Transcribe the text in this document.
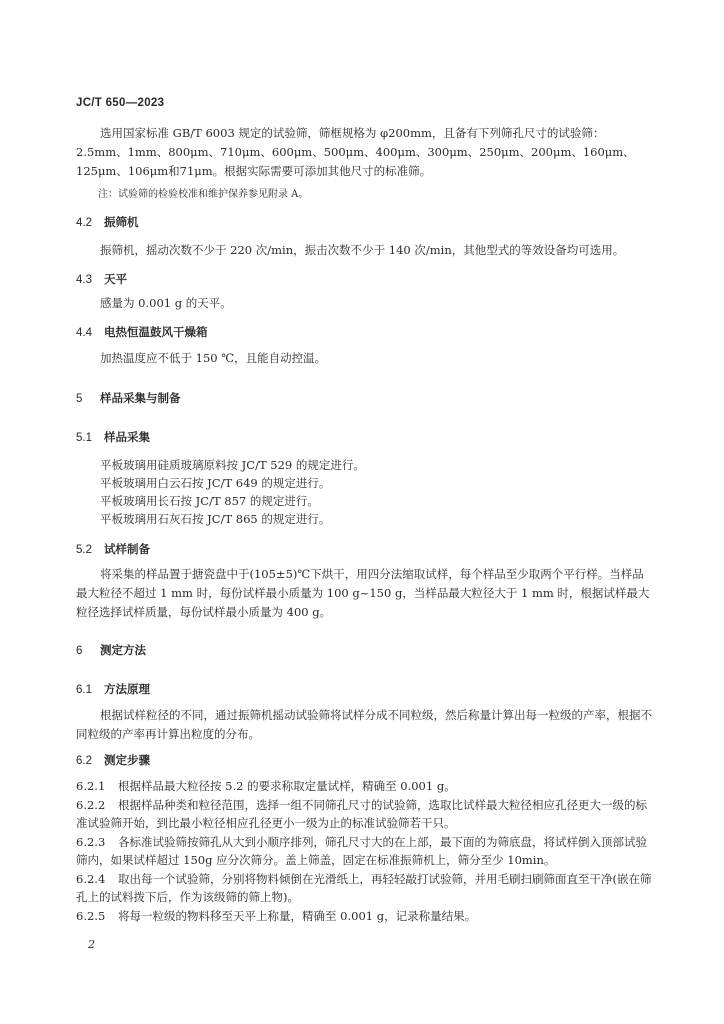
JC/T 650—2023
选用国家标准 GB/T 6003 规定的试验筛，筛框规格为 φ200mm，且备有下列筛孔尺寸的试验筛：2.5mm、1mm、800μm、710μm、600μm、500μm、400μm、300μm、250μm、200μm、160μm、125μm、106μm和71μm。根据实际需要可添加其他尺寸的标准筛。
注：试验筛的检验校准和维护保养参见附录 A。
4.2 振筛机
振筛机，摇动次数不少于 220 次/min，振击次数不少于 140 次/min，其他型式的等效设备均可选用。
4.3 天平
感量为 0.001 g 的天平。
4.4 电热恒温鼓风干燥箱
加热温度应不低于 150 ℃，且能自动控温。
5 样品采集与制备
5.1 样品采集
平板玻璃用硅质玻璃原料按 JC/T 529 的规定进行。
平板玻璃用白云石按 JC/T 649 的规定进行。
平板玻璃用长石按 JC/T 857 的规定进行。
平板玻璃用石灰石按 JC/T 865 的规定进行。
5.2 试样制备
将采集的样品置于搪瓷盘中于(105±5)℃下烘干，用四分法缩取试样，每个样品至少取两个平行样。当样品最大粒径不超过 1 mm 时，每份试样最小质量为 100 g~150 g，当样品最大粒径大于 1 mm 时，根据试样最大粒径选择试样质量，每份试样最小质量为 400 g。
6 测定方法
6.1 方法原理
根据试样粒径的不同，通过振筛机摇动试验筛将试样分成不同粒级，然后称量计算出每一粒级的产率，根据不同粒级的产率再计算出粒度的分布。
6.2 测定步骤
6.2.1 根据样品最大粒径按 5.2 的要求称取定量试样，精确至 0.001 g。
6.2.2 根据样品种类和粒径范围，选择一组不同筛孔尺寸的试验筛，选取比试样最大粒径相应孔径更大一级的标准试验筛开始，到比最小粒径相应孔径更小一级为止的标准试验筛若干只。
6.2.3 各标准试验筛按筛孔从大到小顺序排列，筛孔尺寸大的在上部，最下面的为筛底盘，将试样倒入顶部试验筛内，如果试样超过 150g 应分次筛分。盖上筛盖，固定在标准振筛机上，筛分至少 10min。
6.2.4 取出每一个试验筛，分别将物料倾倒在光滑纸上，再轻轻敲打试验筛，并用毛刷扫刷筛面直至干净(嵌在筛孔上的试料拨下后，作为该级筛的筛上物)。
6.2.5 将每一粒级的物料移至天平上称量，精确至 0.001 g，记录称量结果。
2
